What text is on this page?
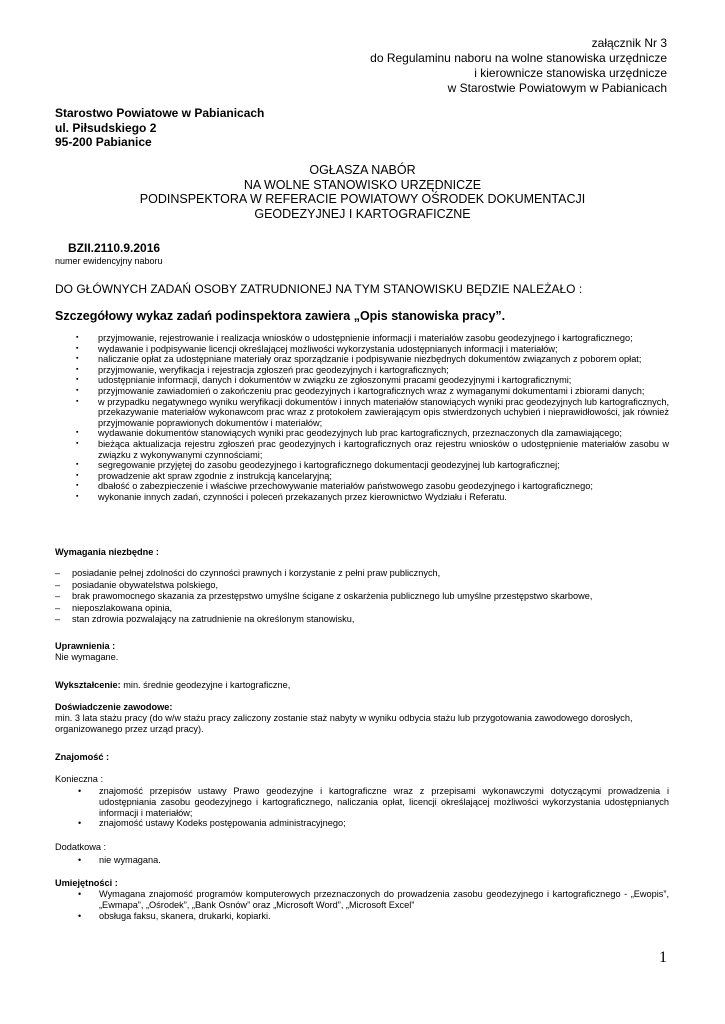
załącznik Nr 3
do Regulaminu naboru na wolne stanowiska urzędnicze
i kierownicze stanowiska urzędnicze
w Starostwie Powiatowym w Pabianicach
Starostwo Powiatowe w Pabianicach
ul. Piłsudskiego 2
95-200 Pabianice
OGŁASZA NABÓR
NA WOLNE STANOWISKO URZĘDNICZE
PODINSPEKTORA W REFERACIE POWIATOWY OŚRODEK DOKUMENTACJI
GEODEZYJNEJ I KARTOGRAFICZNE
BZII.2110.9.2016
numer ewidencyjny naboru
DO GŁÓWNYCH ZADAŃ OSOBY ZATRUDNIONEJ NA TYM STANOWISKU BĘDZIE NALEŻAŁO :
Szczegółowy wykaz zadań podinspektora zawiera „Opis stanowiska pracy”.
▪ przyjmowanie, rejestrowanie i realizacja wniosków o udostępnienie informacji i materiałów zasobu geodezyjnego i kartograficznego;
▪ wydawanie i podpisywanie licencji określającej możliwości wykorzystania udostępnianych informacji i materiałów;
▪ naliczanie opłat za udostępniane materiały oraz sporządzanie i podpisywanie niezbędnych dokumentów związanych z poborem opłat;
▪ przyjmowanie, weryfikacja i rejestracja zgłoszeń prac geodezyjnych i kartograficznych;
▪ udostępnianie informacji, danych i dokumentów w związku ze zgłoszonymi pracami geodezyjnymi i kartograficznymi;
▪ przyjmowanie zawiadomień o zakończeniu prac geodezyjnych i kartograficznych wraz z wymaganymi dokumentami i zbiorami danych;
▪ w przypadku negatywnego wyniku weryfikacji dokumentów i innych materiałów stanowiących wyniki prac geodezyjnych lub kartograficznych, przekazywanie materiałów wykonawcom prac wraz z protokołem zawierającym opis stwierdzonych uchybień i nieprawidłowości, jak również przyjmowanie poprawionych dokumentów i materiałów;
▪ wydawanie dokumentów stanowiących wyniki prac geodezyjnych lub prac kartograficznych, przeznaczonych dla zamawiającego;
▪ bieżąca aktualizacja rejestru zgłoszeń prac geodezyjnych i kartograficznych oraz rejestru wniosków o udostępnienie materiałów zasobu w związku z wykonywanymi czynnościami;
▪ segregowanie przyjętej do zasobu geodezyjnego i kartograficznego dokumentacji geodezyjnej lub kartograficznej;
▪ prowadzenie akt spraw zgodnie z instrukcją kancelaryjną;
▪ dbałość o zabezpieczenie i właściwe przechowywanie materiałów państwowego zasobu geodezyjnego i kartograficznego;
▪ wykonanie innych zadań, czynności i poleceń przekazanych przez kierownictwo Wydziału i Referatu.
Wymagania niezbędne :
– posiadanie pełnej zdolności do czynności prawnych i korzystanie z pełni praw publicznych,
– posiadanie obywatelstwa polskiego,
– brak prawomocnego skazania za przestępstwo umyślne ścigane z oskarżenia publicznego lub umyślne przestępstwo skarbowe,
– nieposzlakowana opinia,
– stan zdrowia pozwalający na zatrudnienie na określonym stanowisku,
Uprawnienia :
Nie wymagane.
Wykształcenie: min. średnie geodezyjne i kartograficzne,
Doświadczenie zawodowe:
min. 3 lata stażu pracy (do w/w stażu pracy zaliczony zostanie staż nabyty w wyniku odbycia stażu lub przygotowania zawodowego dorosłych, organizowanego przez urząd pracy).
Znajomość :
Konieczna :
• znajomość przepisów ustawy Prawo geodezyjne i kartograficzne wraz z przepisami wykonawczymi dotyczącymi prowadzenia i udostępniania zasobu geodezyjnego i kartograficznego, naliczania opłat, licencji określającej możliwości wykorzystania udostępnianych informacji i materiałów;
• znajomość ustawy Kodeks postępowania administracyjnego;
Dodatkowa :
• nie wymagana.
Umiejętności :
• Wymagana znajomość programów komputerowych przeznaczonych do prowadzenia zasobu geodezyjnego i kartograficznego - „Ewopis”, „Ewmapa”, „Ośrodek”, „Bank Osnów” oraz „Microsoft Word”, „Microsoft Excel”
• obsługa faksu, skanera, drukarki, kopiarki.
1
